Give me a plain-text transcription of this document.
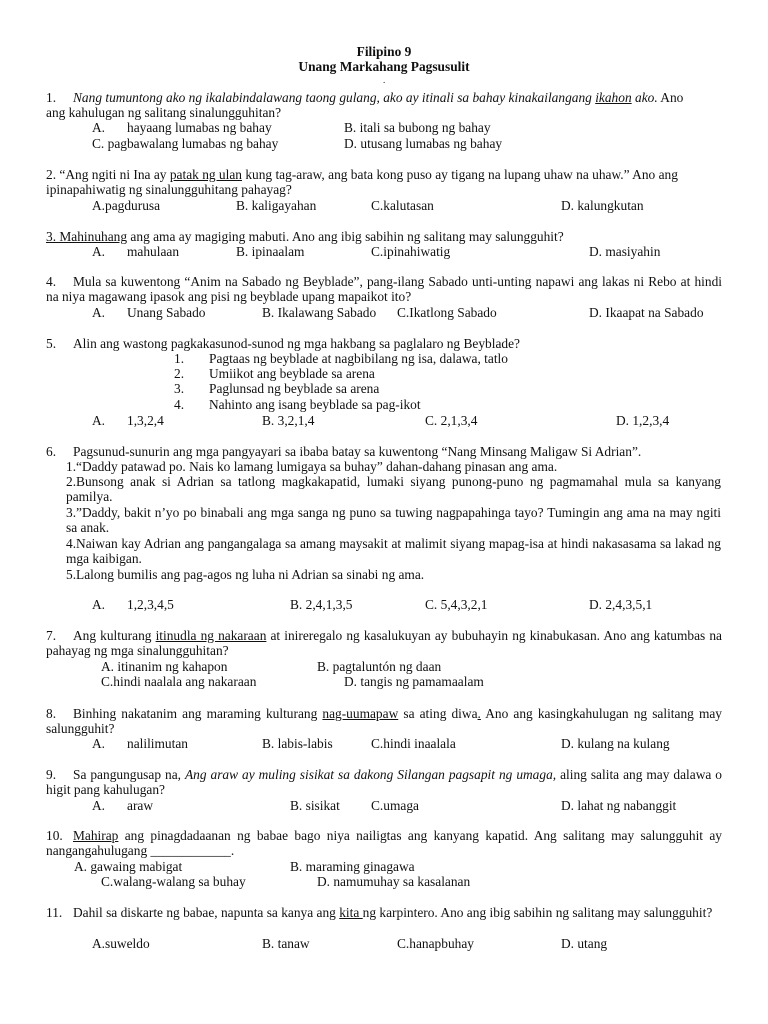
Filipino 9
Unang Markahang Pagsusulit
.
1. Nang tumuntong ako ng ikalabindalawang taong gulang, ako ay itinali sa bahay kinakailangang ikahon ako. Ano
ang kahulugan ng salitang sinalungguhitan?
A. hayaang lumabas ng bahay	B. itali sa bubong ng bahay
C. pagbawalang lumabas ng bahay	D. utusang lumabas ng bahay
2. “Ang ngiti ni Ina ay patak ng ulan kung tag-araw, ang bata kong puso ay tigang na lupang uhaw na uhaw.” Ano ang
ipinapahiwatig ng sinalungguhitang pahayag?
A.pagdurusa	B. kaligayahan	C.kalutasan	D. kalungkutan
3. Mahinuhang ang ama ay magiging mabuti. Ano ang ibig sabihin ng salitang may salungguhit?
A. mahulaan	B. ipinaalam	C.ipinahiwatig	D. masiyahin
4. Mula sa kuwentong “Anim na Sabado ng Beyblade”, pang-ilang Sabado unti-unting napawi ang lakas ni Rebo at hindi na niya magawang ipasok ang pisi ng beyblade upang mapaikot ito?
A. Unang Sabado	B. Ikalawang Sabado C.Ikatlong Sabado	D. Ikaapat na Sabado
5. Alin ang wastong pagkakasunod-sunod ng mga hakbang sa paglalaro ng Beyblade?
1. Pagtaas ng beyblade at nagbibilang ng isa, dalawa, tatlo
2. Umiikot ang beyblade sa arena
3. Paglunsad ng beyblade sa arena
4. Nahinto ang isang beyblade sa pag-ikot
A. 1,3,2,4	B. 3,2,1,4	C. 2,1,3,4	D. 1,2,3,4
6. Pagsunud-sunurin ang mga pangyayari sa ibaba batay sa kuwentong “Nang Minsang Maligaw Si Adrian”.
1.“Daddy patawad po. Nais ko lamang lumigaya sa buhay” dahan-dahang pinasan ang ama.
2.Bunsong anak si Adrian sa tatlong magkakapatid, lumaki siyang punong-puno ng pagmamahal mula sa kanyang pamilya.
3.”Daddy, bakit n’yo po binabali ang mga sanga ng puno sa tuwing nagpapahinga tayo? Tumingin ang ama na may ngiti sa anak.
4.Naiwan kay Adrian ang pangangalaga sa amang maysakit at malimit siyang mapag-isa at hindi nakasasama sa lakad ng mga kaibigan.
5.Lalong bumilis ang pag-agos ng luha ni Adrian sa sinabi ng ama.
A. 1,2,3,4,5	B. 2,4,1,3,5	C. 5,4,3,2,1	D. 2,4,3,5,1
7. Ang kulturang itinudla ng nakaraan at inireregalo ng kasalukuyan ay bubuhayin ng kinabukasan. Ano ang katumbas na pahayag ng mga sinalungguhitan?
A. itinanim ng kahapon	B. pagtaluntón ng daan
C.hindi naalala ang nakaraan	D. tangis ng pamamaalam
8. Binhing nakatanim ang maraming kulturang nag-uumapaw sa ating diwa. Ano ang kasingkahulugan ng salitang may salungguhit?
A. nalilimutan	B. labis-labis	C.hindi inaalala	D. kulang na kulang
9. Sa pangungusap na, Ang araw ay muling sisikat sa dakong Silangan pagsapit ng umaga, aling salita ang may dalawa o higit pang kahulugan?
A. araw	B. sisikat C.umaga	D. lahat ng nabanggit
10. Mahirap ang pinagdadaanan ng babae bago niya nailigtas ang kanyang kapatid. Ang salitang may salungguhit ay nangangahulugang ____________.
A. gawaing mabigat	B. maraming ginagawa
C.walang-walang sa buhay	D. namumuhay sa kasalanan
11. Dahil sa diskarte ng babae, napunta sa kanya ang kita ng karpintero. Ano ang ibig sabihin ng salitang may salungguhit?
A.suweldo	B. tanaw	C.hanapbuhay	D. utang
